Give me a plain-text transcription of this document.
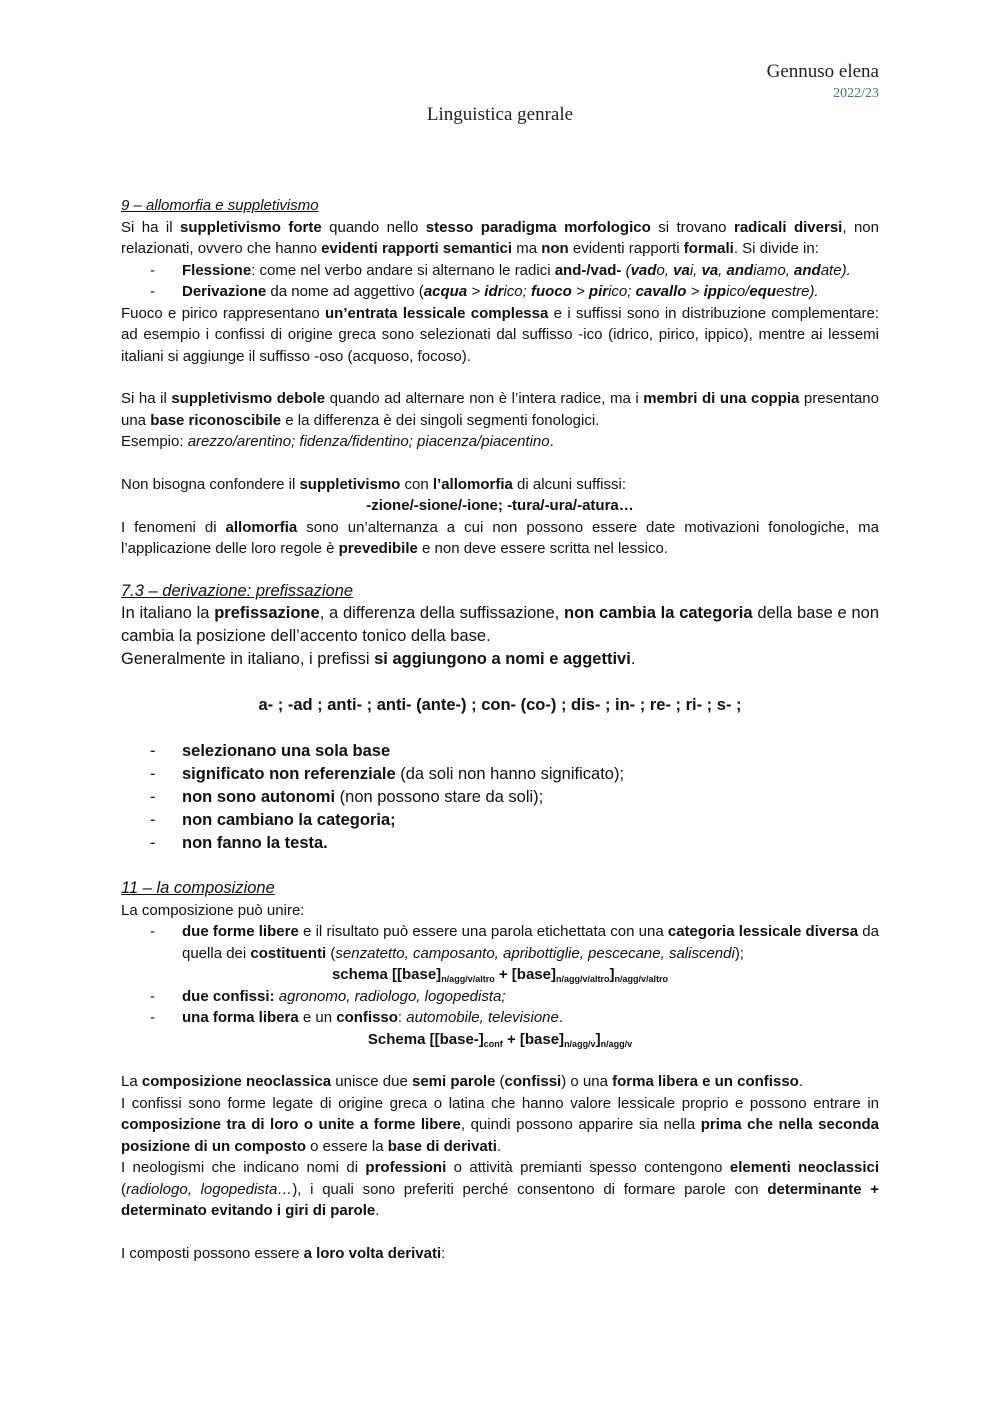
Gennuso elena
2022/23
Linguistica genrale

9 – allomorfia e suppletivismo

Si ha il suppletivismo forte quando nello stesso paradigma morfologico si trovano radicali diversi, non relazionati, ovvero che hanno evidenti rapporti semantici ma non evidenti rapporti formali. Si divide in:

- Flessione: come nel verbo andare si alternano le radici and-/vad- (vado, vai, va, andiamo, andate).
- Derivazione da nome ad aggettivo (acqua > idrico; fuoco > pirico; cavallo > ippico/equestre).

Fuoco e pirico rappresentano un’entrata lessicale complessa e i suffissi sono in distribuzione complementare: ad esempio i confissi di origine greca sono selezionati dal suffisso -ico (idrico, pirico, ippico), mentre ai lessemi italiani si aggiunge il suffisso -oso (acquoso, focoso).

Si ha il suppletivismo debole quando ad alternare non è l’intera radice, ma i membri di una coppia presentano una base riconoscibile e la differenza è dei singoli segmenti fonologici.

Esempio: arezzo/arentino; fidenza/fidentino; piacenza/piacentino.

Non bisogna confondere il suppletivismo con l’allomorfia di alcuni suffissi:

-zione/-sione/-ione; -tura/-ura/-atura…

I fenomeni di allomorfia sono un’alternanza a cui non possono essere date motivazioni fonologiche, ma l’applicazione delle loro regole è prevedibile e non deve essere scritta nel lessico.

7.3 – derivazione: prefissazione

In italiano la prefissazione, a differenza della suffissazione, non cambia la categoria della base e non cambia la posizione dell’accento tonico della base.

Generalmente in italiano, i prefissi si aggiungono a nomi e aggettivi.

a- ; -ad ; anti- ; anti- (ante-) ; con- (co-) ; dis- ; in- ; re- ; ri- ; s- ;

- selezionano una sola base
- significato non referenziale (da soli non hanno significato);
- non sono autonomi (non possono stare da soli);
- non cambiano la categoria;
- non fanno la testa.

11 – la composizione

La composizione può unire:

- due forme libere e il risultato può essere una parola etichettata con una categoria lessicale diversa da quella dei costituenti (senzatetto, camposanto, apribottiglie, pescecane, saliscendi);

schema [$[base]_{n/agg/v/altro}$ + $[base]_{n/agg/v/altro}]_{n/agg/v/altro}$

- due confissi: agronomo, radiologo, logopedista;
- una forma libera e un confisso: automobile, televisione.

Schema [$[base-]_{conf}$ + $[base]_{n/agg/v}]_{n/agg/v}$

La composizione neoclassica unisce due semi parole (confissi) o una forma libera e un confisso.

I confissi sono forme legate di origine greca o latina che hanno valore lessicale proprio e possono entrare in composizione tra di loro o unite a forme libere, quindi possono apparire sia nella prima che nella seconda posizione di un composto o essere la base di derivati.

I neologismi che indicano nomi di professioni o attività premianti spesso contengono elementi neoclassici (radiologo, logopedista…), i quali sono preferiti perché consentono di formare parole con determinante + determinato evitando i giri di parole.

I composti possono essere a loro volta derivati:
